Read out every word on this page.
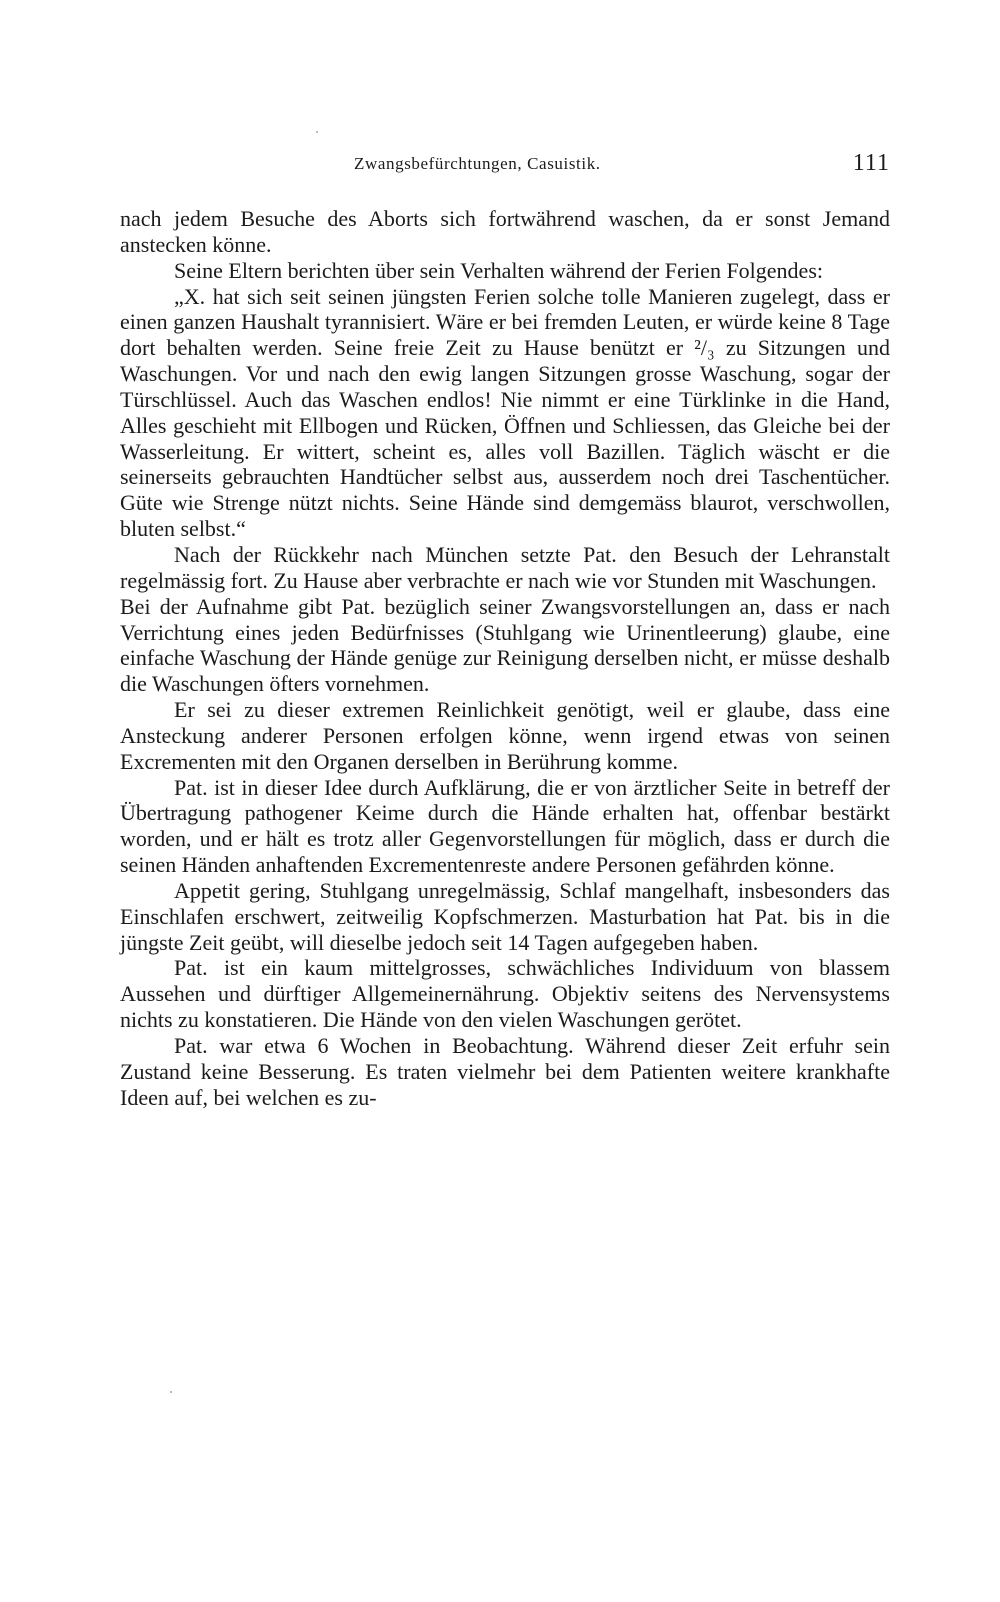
Zwangsbefürchtungen, Casuistik.	111

nach jedem Besuche des Aborts sich fortwährend waschen, da er sonst Jemand anstecken könne.

Seine Eltern berichten über sein Verhalten während der Ferien Folgendes:

„X. hat sich seit seinen jüngsten Ferien solche tolle Manieren zugelegt, dass er einen ganzen Haushalt tyrannisiert. Wäre er bei fremden Leuten, er würde keine 8 Tage dort behalten werden. Seine freie Zeit zu Hause benützt er ²/₃ zu Sitzungen und Waschungen. Vor und nach den ewig langen Sitzungen grosse Waschung, sogar der Türschlüssel. Auch das Waschen endlos! Nie nimmt er eine Türklinke in die Hand, Alles geschieht mit Ellbogen und Rücken, Öffnen und Schliessen, das Gleiche bei der Wasserleitung. Er wittert, scheint es, alles voll Bazillen. Täglich wäscht er die seinerseits gebrauchten Handtücher selbst aus, ausserdem noch drei Taschentücher. Güte wie Strenge nützt nichts. Seine Hände sind demgemäss blaurot, verschwollen, bluten selbst.“

Nach der Rückkehr nach München setzte Pat. den Besuch der Lehranstalt regelmässig fort. Zu Hause aber verbrachte er nach wie vor Stunden mit Waschungen.

Bei der Aufnahme gibt Pat. bezüglich seiner Zwangsvorstellungen an, dass er nach Verrichtung eines jeden Bedürfnisses (Stuhlgang wie Urinentleerung) glaube, eine einfache Waschung der Hände genüge zur Reinigung derselben nicht, er müsse deshalb die Waschungen öfters vornehmen.

Er sei zu dieser extremen Reinlichkeit genötigt, weil er glaube, dass eine Ansteckung anderer Personen erfolgen könne, wenn irgend etwas von seinen Excrementen mit den Organen derselben in Berührung komme.

Pat. ist in dieser Idee durch Aufklärung, die er von ärztlicher Seite in betreff der Übertragung pathogener Keime durch die Hände erhalten hat, offenbar bestärkt worden, und er hält es trotz aller Gegenvorstellungen für möglich, dass er durch die seinen Händen anhaftenden Excrementenreste andere Personen gefährden könne.

Appetit gering, Stuhlgang unregelmässig, Schlaf mangelhaft, insbesonders das Einschlafen erschwert, zeitweilig Kopfschmerzen. Masturbation hat Pat. bis in die jüngste Zeit geübt, will dieselbe jedoch seit 14 Tagen aufgegeben haben.

Pat. ist ein kaum mittelgrosses, schwächliches Individuum von blassem Aussehen und dürftiger Allgemeinernährung. Objektiv seitens des Nervensystems nichts zu konstatieren. Die Hände von den vielen Waschungen gerötet.

Pat. war etwa 6 Wochen in Beobachtung. Während dieser Zeit erfuhr sein Zustand keine Besserung. Es traten vielmehr bei dem Patienten weitere krankhafte Ideen auf, bei welchen es zu-
